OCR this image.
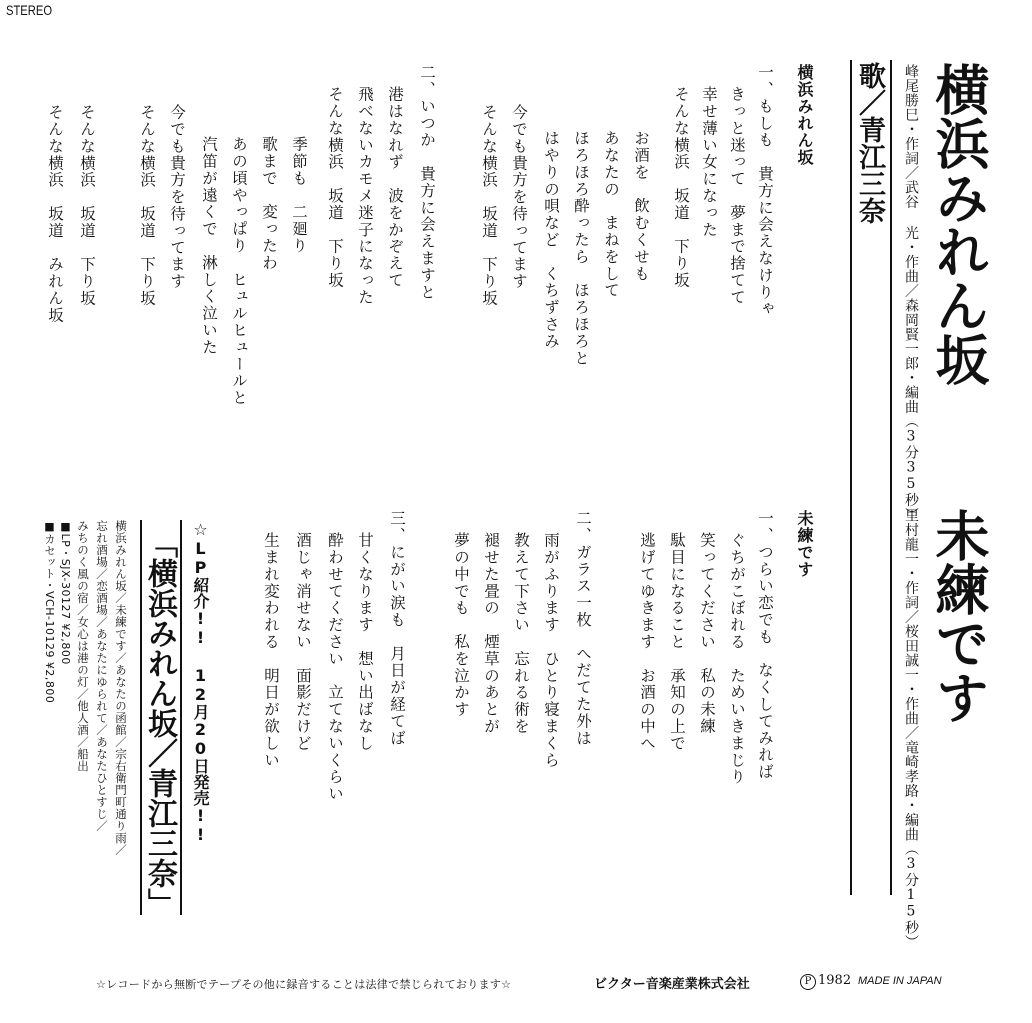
STEREO
横浜みれん坂
峰尾勝巳・作詞／武谷 光・作曲／森岡賢一郎・編曲（3分35秒）
歌／青江三奈
横浜みれん坂
一、もしも　貴方に会えなけりゃ
きっと迷って　夢まで捨てて
幸せ薄い女になった
そんな横浜　坂道　下り坂
お酒を　飲むくせも
あなたの　まねをして
ほろほろ酔ったら　ほろほろと
はやりの唄など　くちずさみ
今でも貴方を待ってます
そんな横浜　坂道　下り坂
二、いつか　貴方に会えますと
港はなれず　波をかぞえて
飛べないカモメ迷子になった
そんな横浜　坂道　下り坂
季節も　二廻り
歌まで　変ったわ
あの頃やっぱり　ヒュルヒュールと
汽笛が遠くで　淋しく泣いた
今でも貴方を待ってます
そんな横浜　坂道　下り坂
そんな横浜　坂道　下り坂
そんな横浜　坂道　みれん坂
未練です
里村龍一・作詞／桜田誠一・作曲／竜崎孝路・編曲（3分15秒）
未練です
一、つらい恋でも　なくしてみれば
ぐちがこぼれる　ためいきまじり
笑ってください　私の未練
駄目になること　承知の上で
逃げてゆきます　お酒の中へ
二、ガラス一枚　へだてた外は
雨がふります　ひとり寝まくら
教えて下さい　忘れる術を
褪せた畳の　煙草のあとが
夢の中でも　私を泣かす
三、にがい涙も　月日が経てば
甘くなります　想い出ばなし
酔わせてください　立てないくらい
酒じゃ消せない　面影だけど
生まれ変われる　明日が欲しい
☆LP紹介!! 12月20日発売!!
「横浜みれん坂／青江三奈」
横浜みれん坂／未練です／あなたの函館／宗右衛門町通り雨／
忘れ酒場／恋酒場／あなたにゆられて／あなたひとすじ／
みちのく風の宿／女心は港の灯／他人酒／船出
■LP・SJX-30127 ¥2,800
■カセット・VCH-10129 ¥2,800
☆レコードから無断でテープその他に録音することは法律で禁じられております☆	ビクター音楽産業株式会社	P 1982 MADE IN JAPAN
